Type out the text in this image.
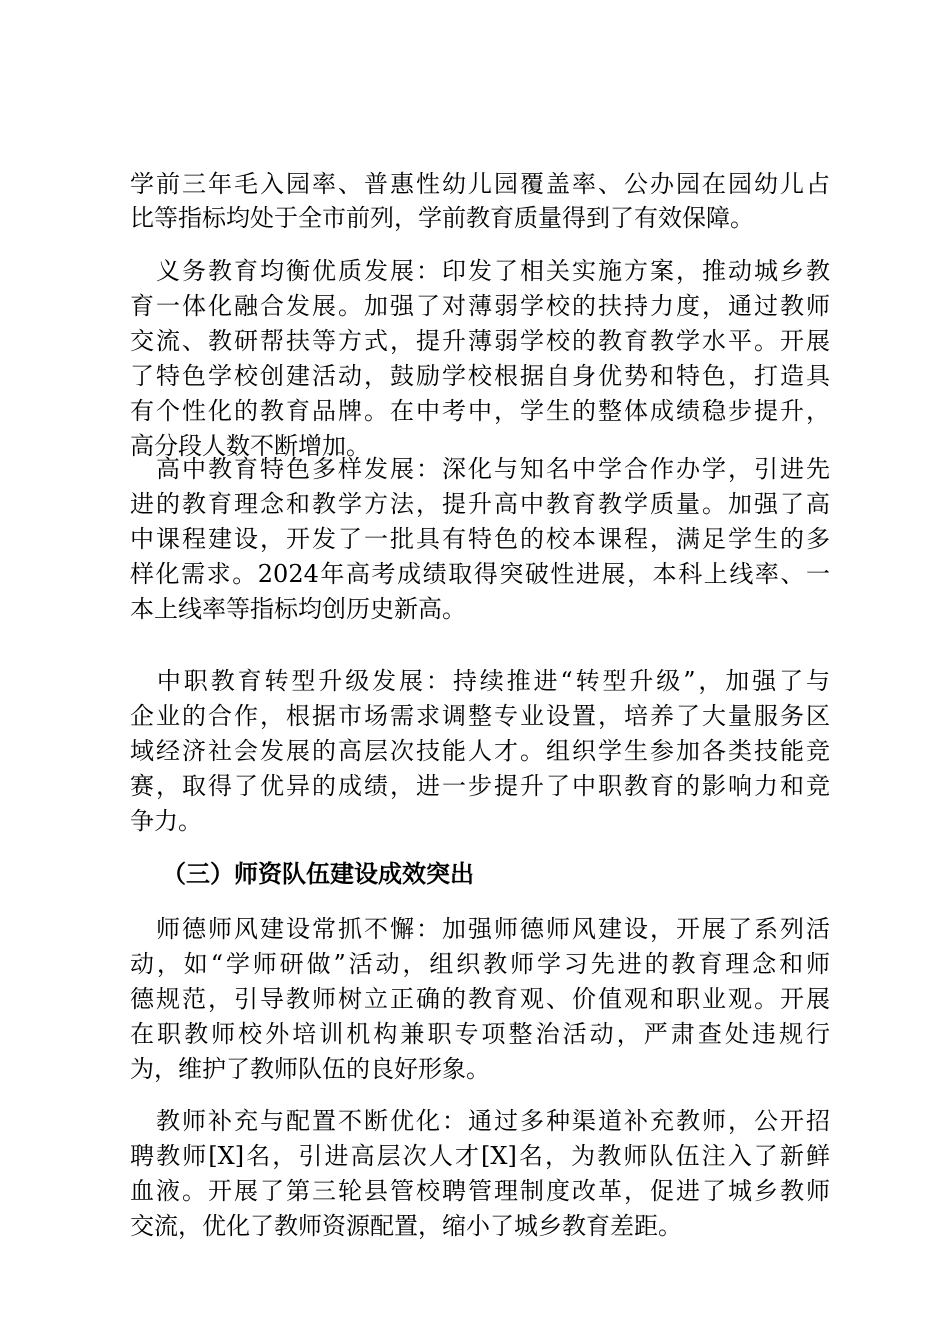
学前三年毛入园率、普惠性幼儿园覆盖率、公办园在园幼儿占
比等指标均处于全市前列，学前教育质量得到了有效保障。
　义务教育均衡优质发展：印发了相关实施方案，推动城乡教
育一体化融合发展。加强了对薄弱学校的扶持力度，通过教师
交流、教研帮扶等方式，提升薄弱学校的教育教学水平。开展
了特色学校创建活动，鼓励学校根据自身优势和特色，打造具
有个性化的教育品牌。在中考中，学生的整体成绩稳步提升，
高分段人数不断增加。
　高中教育特色多样发展：深化与知名中学合作办学，引进先
进的教育理念和教学方法，提升高中教育教学质量。加强了高
中课程建设，开发了一批具有特色的校本课程，满足学生的多
样化需求。2024年高考成绩取得突破性进展，本科上线率、一
本上线率等指标均创历史新高。
　中职教育转型升级发展：持续推进“转型升级”，加强了与
企业的合作，根据市场需求调整专业设置，培养了大量服务区
域经济社会发展的高层次技能人才。组织学生参加各类技能竞
赛，取得了优异的成绩，进一步提升了中职教育的影响力和竞
争力。
（三）师资队伍建设成效突出
　师德师风建设常抓不懈：加强师德师风建设，开展了系列活
动，如“学师研做”活动，组织教师学习先进的教育理念和师
德规范，引导教师树立正确的教育观、价值观和职业观。开展
在职教师校外培训机构兼职专项整治活动，严肃查处违规行
为，维护了教师队伍的良好形象。
　教师补充与配置不断优化：通过多种渠道补充教师，公开招
聘教师[X]名，引进高层次人才[X]名，为教师队伍注入了新鲜
血液。开展了第三轮县管校聘管理制度改革，促进了城乡教师
交流，优化了教师资源配置，缩小了城乡教育差距。
